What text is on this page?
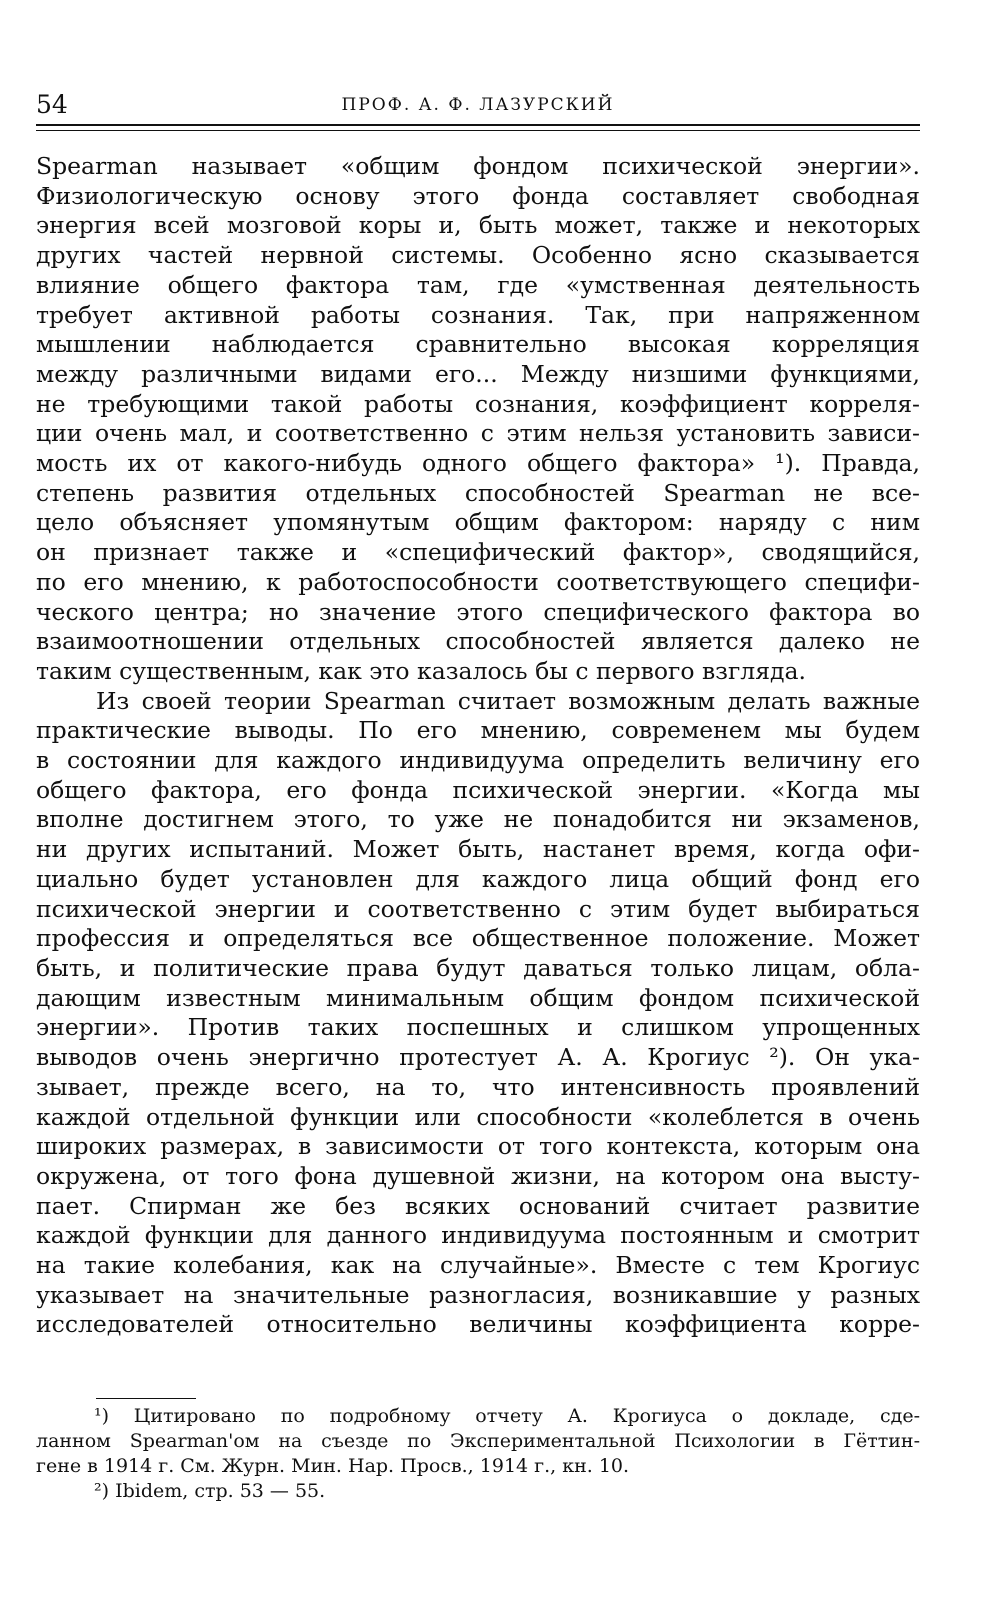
54	ПРОФ. А. Ф. ЛАЗУРСКИЙ
Spearman называет «общим фондом психической энергии».
Физиологическую основу этого фонда составляет свободная
энергия всей мозговой коры и, быть может, также и некоторых
других частей нервной системы. Особенно ясно сказывается
влияние общего фактора там, где «умственная деятельность
требует активной работы сознания. Так, при напряженном
мышлении наблюдается сравнительно высокая корреляция
между различными видами его... Между низшими функциями,
не требующими такой работы сознания, коэффициент корреля-
ции очень мал, и соответственно с этим нельзя установить зависи-
мость их от какого-нибудь одного общего фактора» ¹). Правда,
степень развития отдельных способностей Spearman не все-
цело объясняет упомянутым общим фактором: наряду с ним
он признает также и «специфический фактор», сводящийся,
по его мнению, к работоспособности соответствующего специфи-
ческого центра; но значение этого специфического фактора во
взаимоотношении отдельных способностей является далеко не
таким существенным, как это казалось бы с первого взгляда.
Из своей теории Spearman считает возможным делать важные
практические выводы. По его мнению, современем мы будем
в состоянии для каждого индивидуума определить величину его
общего фактора, его фонда психической энергии. «Когда мы
вполне достигнем этого, то уже не понадобится ни экзаменов,
ни других испытаний. Может быть, настанет время, когда офи-
циально будет установлен для каждого лица общий фонд его
психической энергии и соответственно с этим будет выбираться
профессия и определяться все общественное положение. Может
быть, и политические права будут даваться только лицам, обла-
дающим известным минимальным общим фондом психической
энергии». Против таких поспешных и слишком упрощенных
выводов очень энергично протестует А. А. Крогиус ²). Он ука-
зывает, прежде всего, на то, что интенсивность проявлений
каждой отдельной функции или способности «колеблется в очень
широких размерах, в зависимости от того контекста, которым она
окружена, от того фона душевной жизни, на котором она высту-
пает. Спирман же без всяких оснований считает развитие
каждой функции для данного индивидуума постоянным и смотрит
на такие колебания, как на случайные». Вместе с тем Крогиус
указывает на значительные разногласия, возникавшие у разных
исследователей относительно величины коэффициента корре-
¹) Цитировано по подробному отчету А. Крогиуса о докладе, сде-
ланном Spearman'ом на съезде по Экспериментальной Психологии в Гёттин-
гене в 1914 г. См. Журн. Мин. Нар. Просв., 1914 г., кн. 10.
²) Ibidem, стр. 53 — 55.
